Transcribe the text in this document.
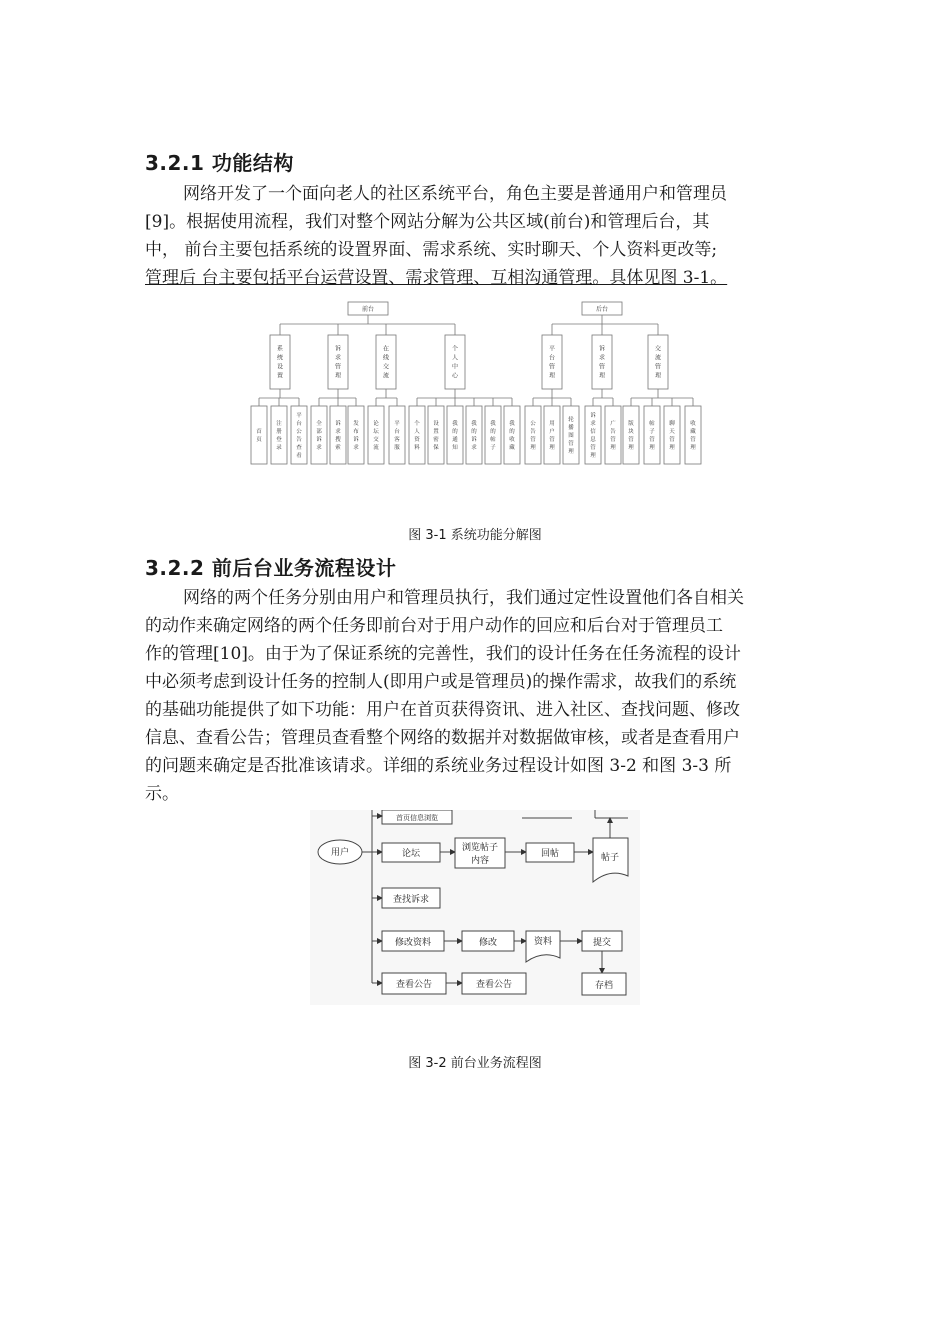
3.2.1 功能结构
网络开发了一个面向老人的社区系统平台，角色主要是普通用户和管理员
[9]。根据使用流程，我们对整个网站分解为公共区域(前台)和管理后台，其
中， 前台主要包括系统的设置界面、需求系统、实时聊天、个人资料更改等;
管理后 台主要包括平台运营设置、需求管理、互相沟通管理。具体见图 3-1。
前台	后台
系统设置
诉求管理
在线交流
个人中心
平台管理
诉求管理
交流管理
首页
注册登录
平台公告查看
全部诉求
诉求搜索
发布诉求
论坛交流
平台客服
个人资料
设置密保
我的通知
我的诉求
我的帖子
我的收藏
公告管理
用户管理
轮播图管理
诉求信息管理
广告管理
版块管理
帖子管理
聊天管理
收藏管理
图 3-1 系统功能分解图
3.2.2 前后台业务流程设计
网络的两个任务分别由用户和管理员执行，我们通过定性设置他们各自相关
的动作来确定网络的两个任务即前台对于用户动作的回应和后台对于管理员工
作的管理[10]。由于为了保证系统的完善性，我们的设计任务在任务流程的设计
中必须考虑到设计任务的控制人(即用户或是管理员)的操作需求，故我们的系统
的基础功能提供了如下功能：用户在首页获得资讯、进入社区、查找问题、修改
信息、查看公告；管理员查看整个网络的数据并对数据做审核，或者是查看用户
的问题来确定是否批准该请求。详细的系统业务过程设计如图 3-2 和图 3-3 所
示。
用户
首页信息浏览
论坛
浏览帖子
内容
回帖	帖子
查找诉求
修改资料	修改	资料	提交
存档
查看公告	查看公告
图 3-2 前台业务流程图
